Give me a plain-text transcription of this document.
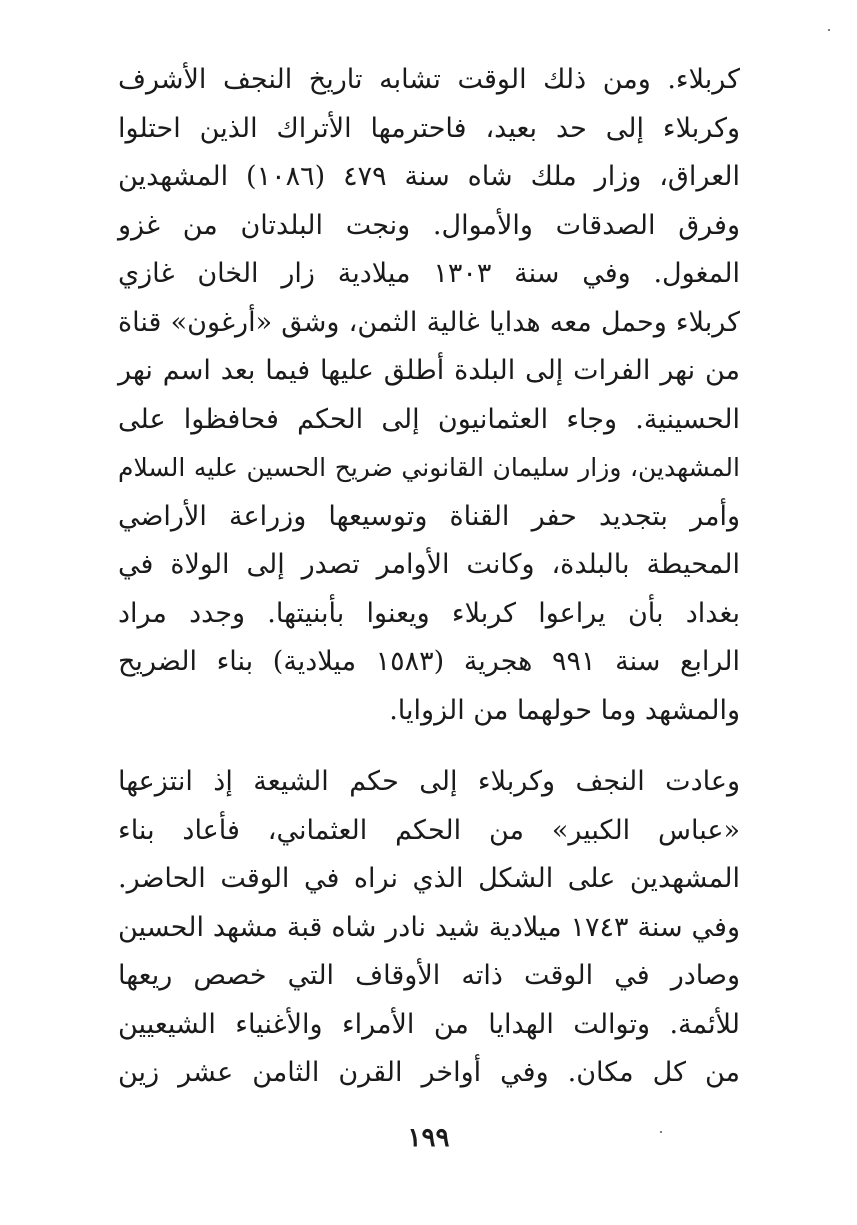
كربلاء. ومن ذلك الوقت تشابه تاريخ النجف الأشرف
وكربلاء إلى حد بعيد، فاحترمها الأتراك الذين احتلوا
العراق، وزار ملك شاه سنة ٤٧٩ (١٠٨٦) المشهدين
وفرق الصدقات والأموال. ونجت البلدتان من غزو
المغول. وفي سنة ١٣٠٣ ميلادية زار الخان غازي
كربلاء وحمل معه هدايا غالية الثمن، وشق «أرغون» قناة
من نهر الفرات إلى البلدة أطلق عليها فيما بعد اسم نهر
الحسينية. وجاء العثمانيون إلى الحكم فحافظوا على
المشهدين، وزار سليمان القانوني ضريح الحسين عليه السلام
وأمر بتجديد حفر القناة وتوسيعها وزراعة الأراضي
المحيطة بالبلدة، وكانت الأوامر تصدر إلى الولاة في
بغداد بأن يراعوا كربلاء ويعنوا بأبنيتها. وجدد مراد
الرابع سنة ٩٩١ هجرية (١٥٨٣ ميلادية) بناء الضريح
والمشهد وما حولهما من الزوايا.
وعادت النجف وكربلاء إلى حكم الشيعة إذ انتزعها
«عباس الكبير» من الحكم العثماني، فأعاد بناء
المشهدين على الشكل الذي نراه في الوقت الحاضر.
وفي سنة ١٧٤٣ ميلادية شيد نادر شاه قبة مشهد الحسين
وصادر في الوقت ذاته الأوقاف التي خصص ريعها
للأئمة. وتوالت الهدايا من الأمراء والأغنياء الشيعيين
من كل مكان. وفي أواخر القرن الثامن عشر زين
١٩٩
